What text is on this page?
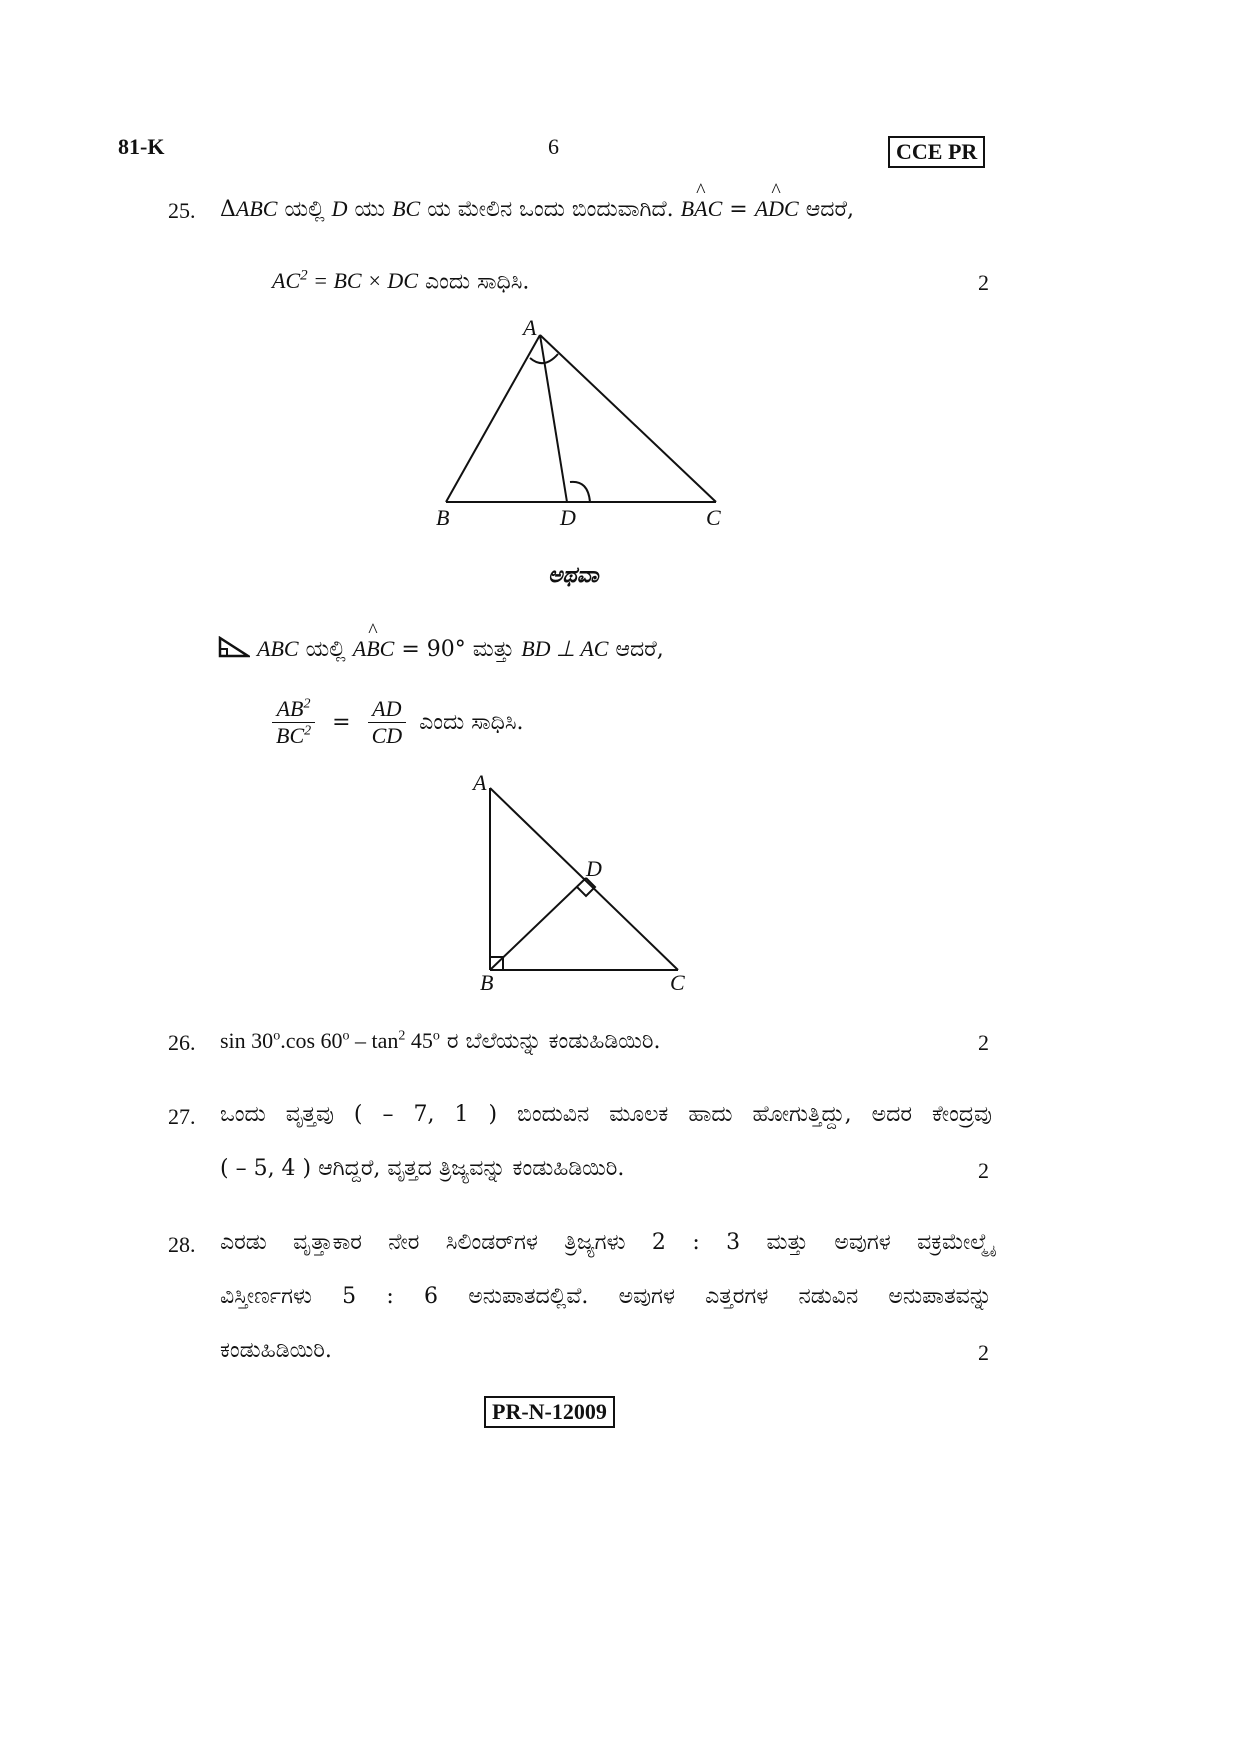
81-K	6	CCE PR
25. ΔABC ಯಲ್ಲಿ D ಯು BC ಯ ಮೇಲಿನ ಒಂದು ಬಿಂದುವಾಗಿದೆ. B^ AC = A^ DC ಆದರೆ,
$AC^2$ = BC × DC ಎಂದು ಸಾಧಿಸಿ.	2
A
B	D	C
ಅಥವಾ
ABC ಯಲ್ಲಿ A^ BC = 90° ಮತ್ತು BD ⊥ AC ಆದರೆ,
$\frac{AB^2}{BC^2} = \frac{AD}{CD}$ ಎಂದು ಸಾಧಿಸಿ.
A
B	C
D
26. sin 30$^o$.cos $60^o - \tan^2 45^o$ ರ ಬೆಲೆಯನ್ನು ಕಂಡುಹಿಡಿಯಿರಿ.	2
27. ಒಂದು ವೃತ್ತವು ( – 7, 1 ) ಬಿಂದುವಿನ ಮೂಲಕ ಹಾದು ಹೋಗುತ್ತಿದ್ದು, ಅದರ ಕೇಂದ್ರವು
( – 5, 4 ) ಆಗಿದ್ದರೆ, ವೃತ್ತದ ತ್ರಿಜ್ಯವನ್ನು ಕಂಡುಹಿಡಿಯಿರಿ.	2
28. ಎರಡು ವೃತ್ತಾಕಾರ ನೇರ ಸಿಲಿಂಡರ್‌ಗಳ ತ್ರಿಜ್ಯಗಳು 2 : 3 ಮತ್ತು ಅವುಗಳ ವಕ್ರಮೇಲ್ಮೈ
ವಿಸ್ತೀರ್ಣಗಳು 5 : 6 ಅನುಪಾತದಲ್ಲಿವೆ. ಅವುಗಳ ಎತ್ತರಗಳ ನಡುವಿನ ಅನುಪಾತವನ್ನು
ಕಂಡುಹಿಡಿಯಿರಿ.	2
PR-N-12009
